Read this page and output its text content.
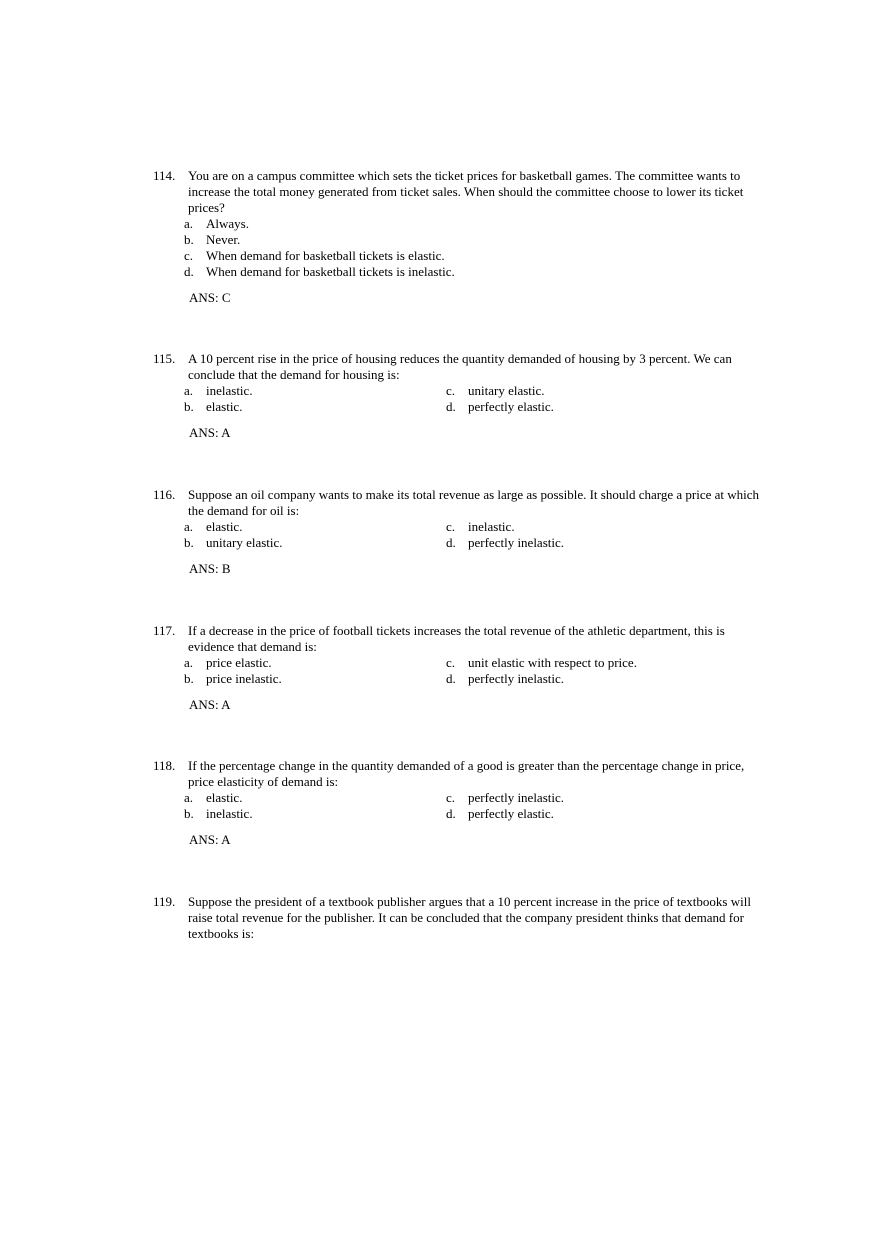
114. You are on a campus committee which sets the ticket prices for basketball games. The committee wants to increase the total money generated from ticket sales. When should the committee choose to lower its ticket prices?
a. Always.
b. Never.
c. When demand for basketball tickets is elastic.
d. When demand for basketball tickets is inelastic.
ANS: C
115. A 10 percent rise in the price of housing reduces the quantity demanded of housing by 3 percent. We can conclude that the demand for housing is:
a. inelastic.	c. unitary elastic.
b. elastic.	d. perfectly elastic.
ANS: A
116. Suppose an oil company wants to make its total revenue as large as possible. It should charge a price at which the demand for oil is:
a. elastic.	c. inelastic.
b. unitary elastic.	d. perfectly inelastic.
ANS: B
117. If a decrease in the price of football tickets increases the total revenue of the athletic department, this is evidence that demand is:
a. price elastic.	c. unit elastic with respect to price.
b. price inelastic.	d. perfectly inelastic.
ANS: A
118. If the percentage change in the quantity demanded of a good is greater than the percentage change in price, price elasticity of demand is:
a. elastic.	c. perfectly inelastic.
b. inelastic.	d. perfectly elastic.
ANS: A
119. Suppose the president of a textbook publisher argues that a 10 percent increase in the price of textbooks will raise total revenue for the publisher. It can be concluded that the company president thinks that demand for textbooks is:
